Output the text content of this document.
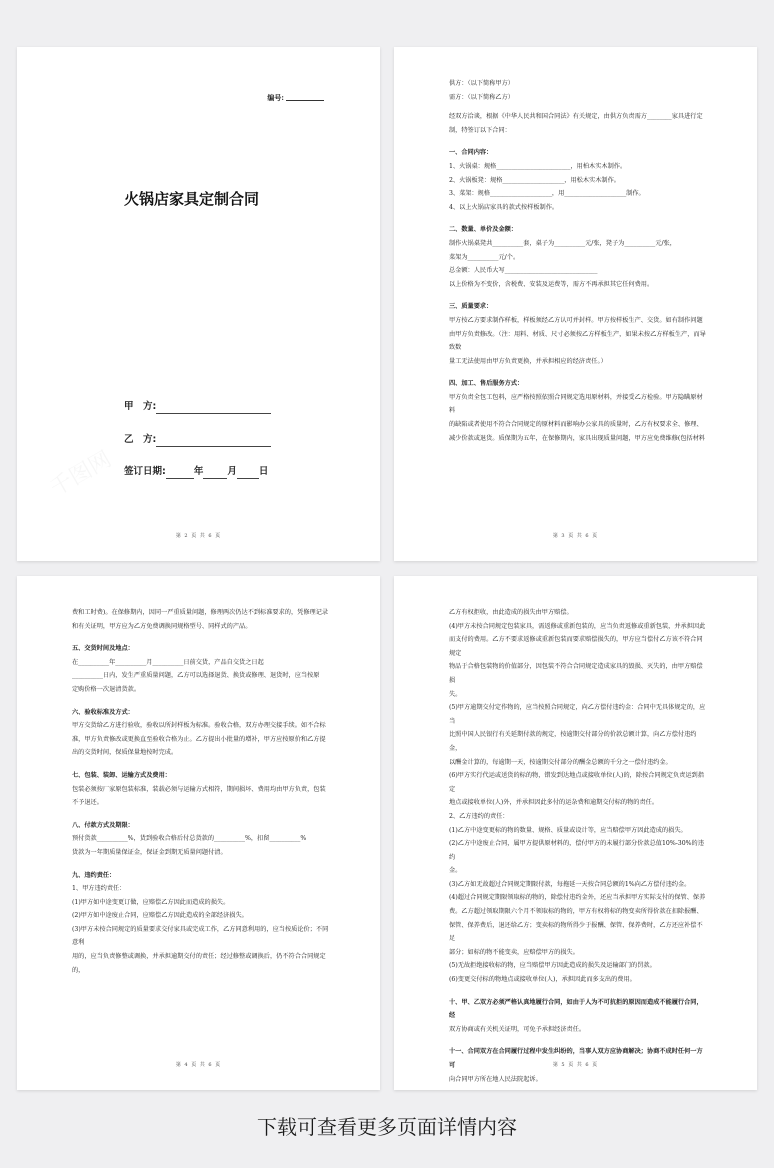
编号:
火锅店家具定制合同
甲　方:
乙　方:
签订日期:	年	月 日
第 2 页 共 6 页

供方：（以下简称甲方）

需方：（以下简称乙方）

经双方洽谈，根据《中华人民共和国合同法》有关规定，由供方负责需方________家具进行定

制，特签订以下合同：

一、合同内容：

1、火锅桌：规格________________________，用柏木实木制作。

2、火锅板凳：规格____________________，用松木实木制作。

3、菜架：规格____________________，用____________________制作。

4、以上火锅店家具的款式按样板制作。

二、数量、单价及金额：

制作火锅桌凳共__________套，桌子为__________元/张，凳子为__________元/张，

菜架为__________元/个。

总金额：人民币大写______________________________

以上价格为不变价，含税费、安装及运费等，需方不再承担其它任何费用。

三、质量要求：

甲方按乙方要求制作样板，样板须经乙方认可并封样。甲方按样板生产、交货。如有制作问题

由甲方负责修改。（注：用料、材质、尺寸必须按乙方样板生产，如果未按乙方样板生产，而导致数

量工无法使用由甲方负责更换，并承担相应的经济责任。）

四、加工、售后服务方式：

甲方负责全包工包料，应严格按照依照合同规定选用原材料，并接受乙方检验。甲方隐瞒原材料

的缺陷或者使用不符合合同规定的原材料而影响办公家具的质量时，乙方有权要求全、修理、

减少价款或退货。质保期为五年，在保修期内，家具出现质量问题，甲方应免费维修(包括材料

第 3 页 共 6 页

费和工时费)。在保修期内，因同一严重质量问题，修理两次仍达不到标准要求的，凭修理记录

和有关证明，甲方应为乙方免费调换同规格型号、同样式的产品。

五、交货时间及地点：

在__________年__________月__________日前交货，产品自交货之日起

__________日内，发生严重质量问题，乙方可以选择退货、换货或修理、退货时，应当按原

定购价格一次退清货款。

六、验收标准及方式：

甲方交货给乙方进行验收，验收以所封样板为标准。验收合格，双方办理交接手续。如不合标

准，甲方负责修改或更换直至验收合格为止。乙方提出小批量的增补，甲方应按原价和乙方提

出的交货时间，保质保量地按时完成。

七、包装、装卸、运输方式及费用：

包装必须按厂家原包装标准，装载必须与运输方式相符，期间损坏、费用均由甲方负责，包装

不予退还。

八、付款方式及期限：

预付货款__________%，货到验收合格后付总货款的__________%，扣留__________%

货款为一年期质量保证金，保证金到期无质量问题付清。

九、违约责任：

1、甲方违约责任：

(1)甲方如中途变更订做，应赔偿乙方因此而造成的损失。

(2)甲方如中途废止合同，应赔偿乙方因此造成的全部经济损失。

(3)甲方未按合同规定的质量要求交付家具或完成工作，乙方同意利用的，应当按质论价；不同意利

用的，应当负责修整或调换，并承担逾期交付的责任；经过修整或调换后，仍不符合合同规定的，

第 4 页 共 6 页

乙方有权拒收，由此造成的损失由甲方赔偿。

(4)甲方未按合同规定包装家具，需返修或重新包装的，应当负责返修或重新包装，并承担因此

而支付的费用。乙方不要求返修或重新包装而要求赔偿损失的，甲方应当偿付乙方该不符合同规定

物品于合格包装物的价值部分，因包装不符合合同规定造成家具的毁损、灭失的，由甲方赔偿损

失。

(5)甲方逾期交付定作物的，应当按照合同规定，向乙方偿付违约金：合同中无具体规定的，应当

比照中国人民银行有关延期付款的规定，按逾期交付部分的价款总额计算，向乙方偿付违约金，

以酬金计算的，每逾期一天，按逾期交付部分的酬金总额的千分之一偿付违约金。

(6)甲方实行代运或送货的标的物，错发到达地点或接收单位(人)的，除按合同规定负责运到指定

地点或接收单位(人)外，并承担因此多付的运杂费和逾期交付标的物的责任。

2、乙方违约的责任：

(1)乙方中途变更标的物的数量、规格、质量或设计等，应当赔偿甲方因此造成的损失。

(2)乙方中途废止合同，属甲方提供原材料的，偿付甲方的未履行部分价款总值10%-30%的违约

金。

(3)乙方如无故超过合同规定期限付款，每拖延一天按合同总额的1%向乙方偿付违约金。

(4)超过合同规定期限领取标的物的，除偿付违约金外，还应当承担甲方实际支付的保管、保养

费。乙方超过领取期限六个月不领取标的物的，甲方有权将标的物变卖所得价款在扣除报酬、

保管、保养费后，退还给乙方；变卖标的物所得少于报酬、保管、保养费时，乙方还应补偿不足

部分；如标的物不能变卖，应赔偿甲方的损失。

(5)无故拒绝接收标的物，应当赔偿甲方因此造成的损失及运输部门的罚款。

(6)变更交付标的物地点或接收单位(人)，承担因此而多支出的费用。

十、甲、乙双方必须严格认真地履行合同，如由于人为不可抗拒的原因而造成不能履行合同，经

双方协商或有关机关证明，可免予承担经济责任。

十一、合同双方在合同履行过程中发生纠纷的，当事人双方应协商解决；协商不成时任何一方可

向合同甲方所在地人民法院起诉。

第 5 页 共 6 页
下载可查看更多页面详情内容
